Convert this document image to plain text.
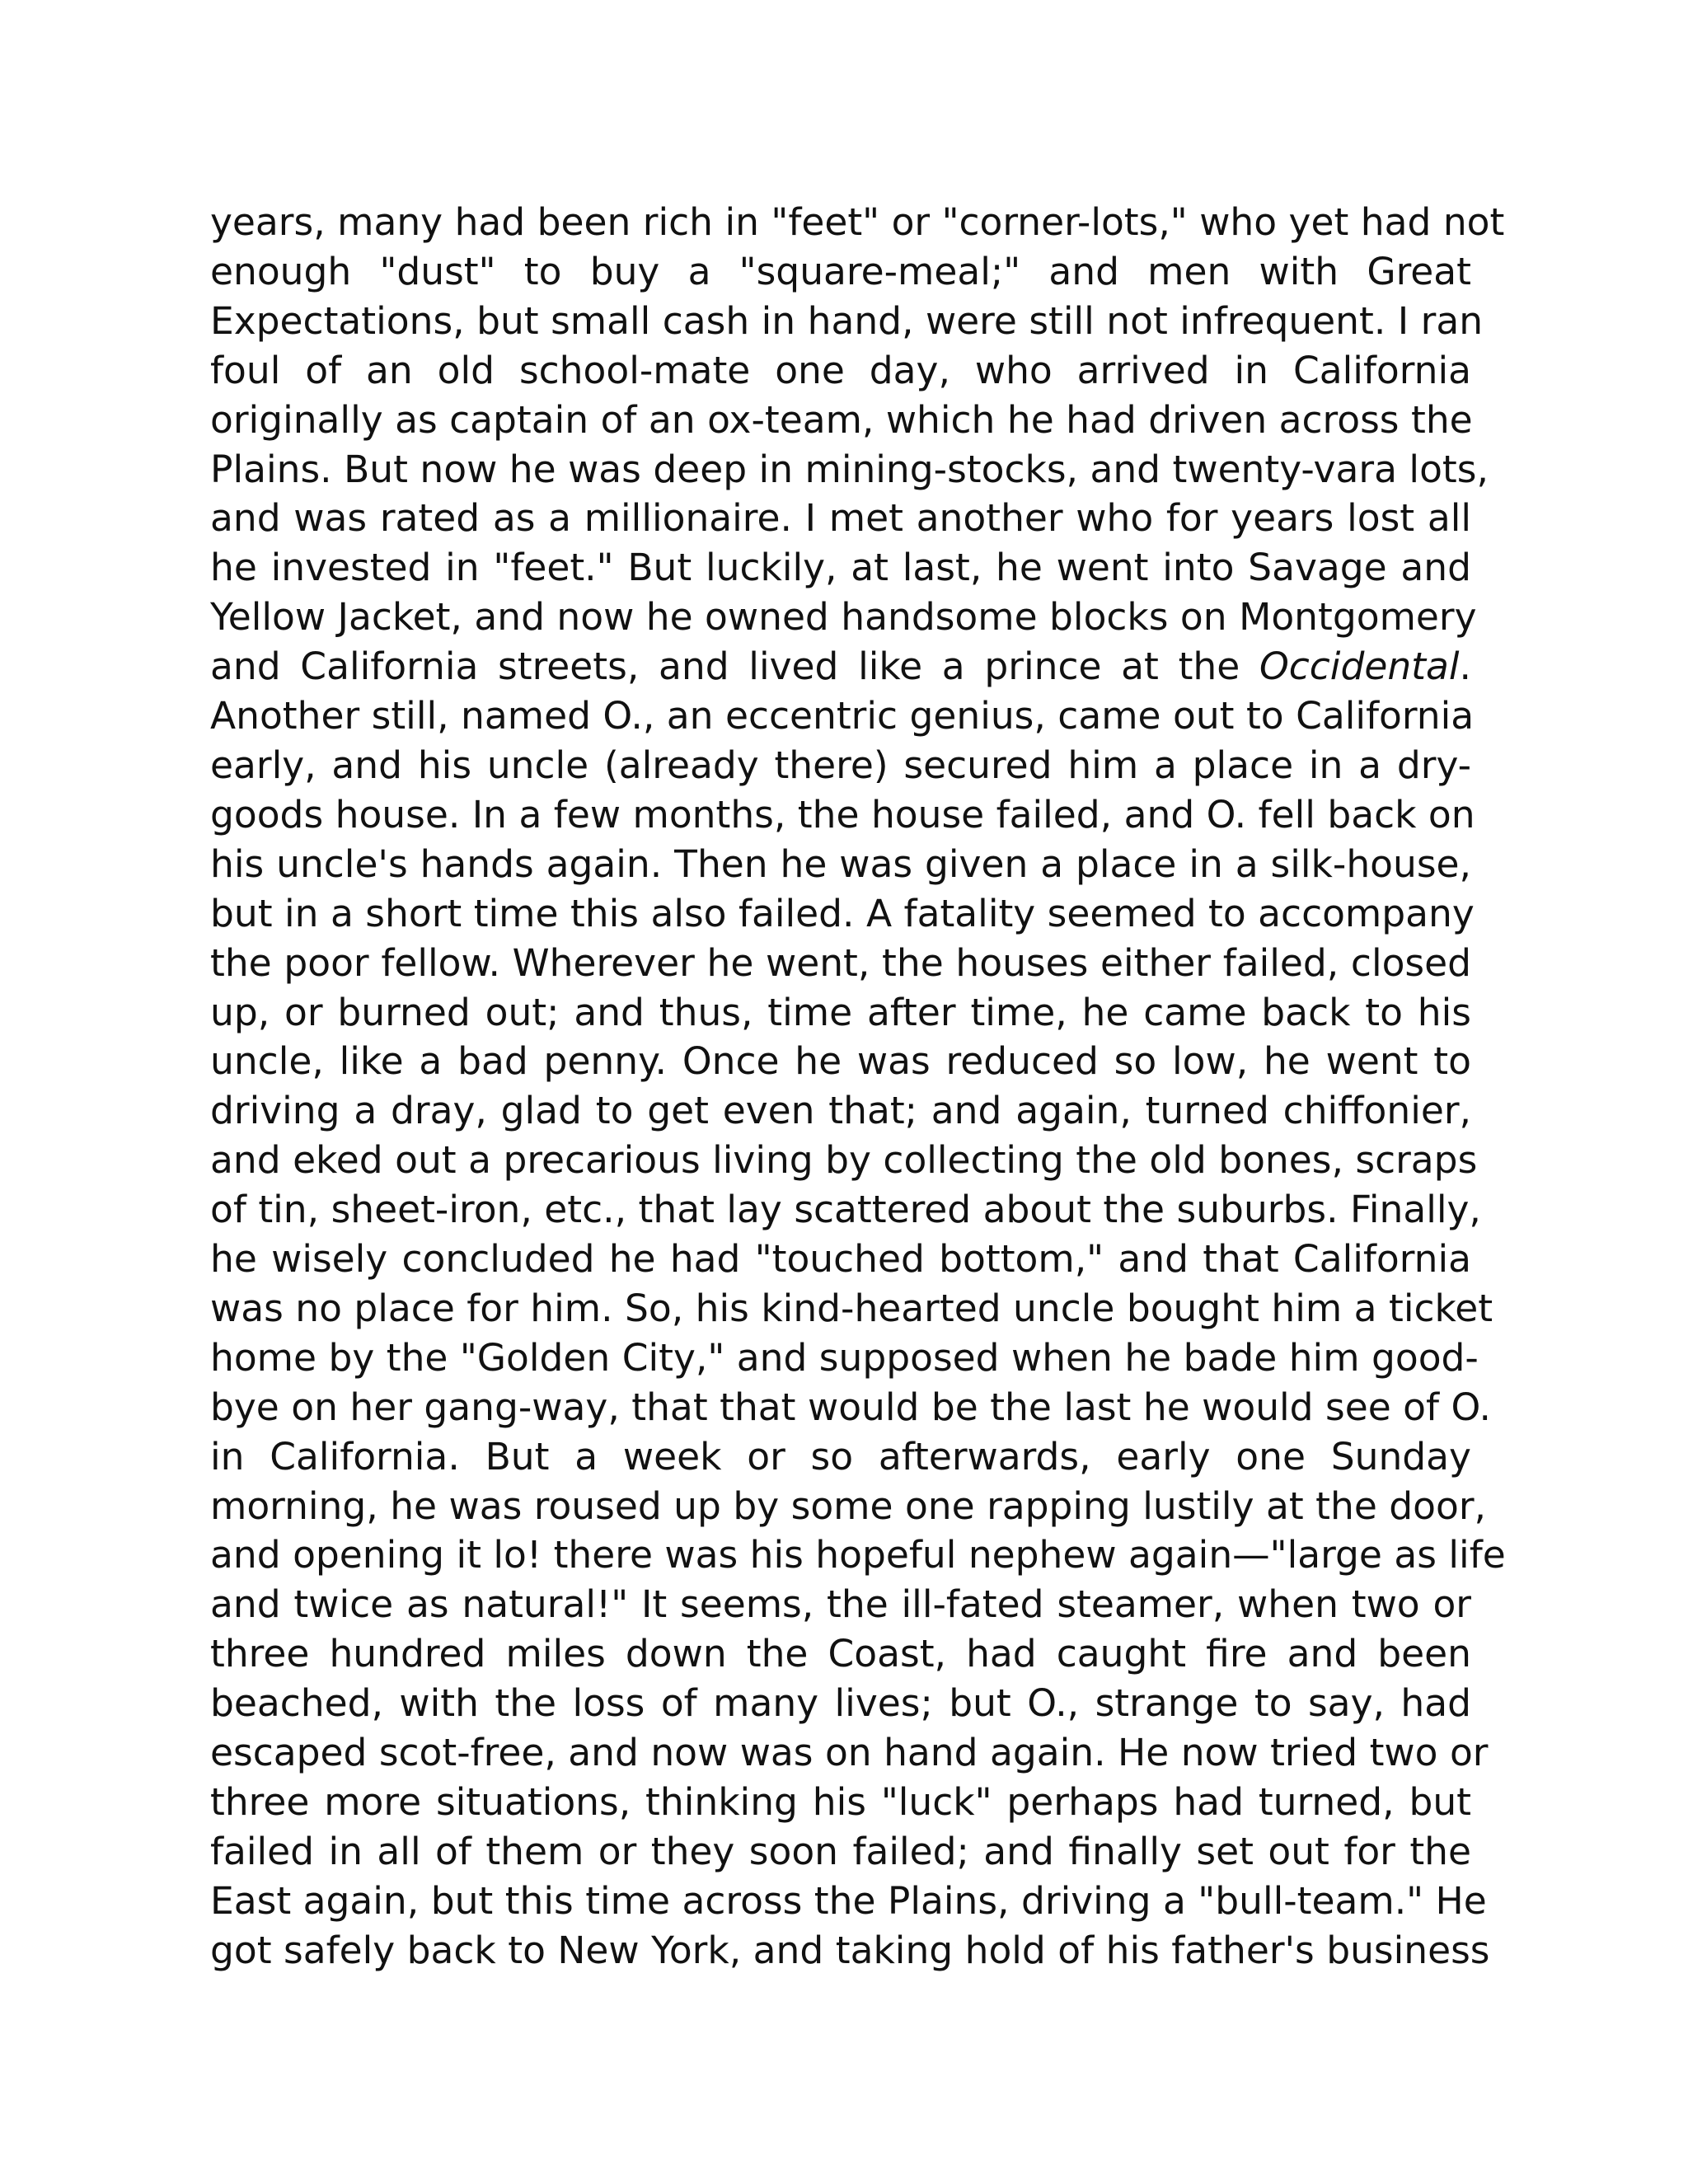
years, many had been rich in "feet" or "corner-lots," who yet had not
enough "dust" to buy a "square-meal;" and men with Great
Expectations, but small cash in hand, were still not infrequent. I ran
foul of an old school-mate one day, who arrived in California
originally as captain of an ox-team, which he had driven across the
Plains. But now he was deep in mining-stocks, and twenty-vara lots,
and was rated as a millionaire. I met another who for years lost all
he invested in "feet." But luckily, at last, he went into Savage and
Yellow Jacket, and now he owned handsome blocks on Montgomery
and California streets, and lived like a prince at the Occidental.
Another still, named O., an eccentric genius, came out to California
early, and his uncle (already there) secured him a place in a dry-
goods house. In a few months, the house failed, and O. fell back on
his uncle's hands again. Then he was given a place in a silk-house,
but in a short time this also failed. A fatality seemed to accompany
the poor fellow. Wherever he went, the houses either failed, closed
up, or burned out; and thus, time after time, he came back to his
uncle, like a bad penny. Once he was reduced so low, he went to
driving a dray, glad to get even that; and again, turned chiffonier,
and eked out a precarious living by collecting the old bones, scraps
of tin, sheet-iron, etc., that lay scattered about the suburbs. Finally,
he wisely concluded he had "touched bottom," and that California
was no place for him. So, his kind-hearted uncle bought him a ticket
home by the "Golden City," and supposed when he bade him good-
bye on her gang-way, that that would be the last he would see of O.
in California. But a week or so afterwards, early one Sunday
morning, he was roused up by some one rapping lustily at the door,
and opening it lo! there was his hopeful nephew again—"large as life
and twice as natural!" It seems, the ill-fated steamer, when two or
three hundred miles down the Coast, had caught fire and been
beached, with the loss of many lives; but O., strange to say, had
escaped scot-free, and now was on hand again. He now tried two or
three more situations, thinking his "luck" perhaps had turned, but
failed in all of them or they soon failed; and finally set out for the
East again, but this time across the Plains, driving a "bull-team." He
got safely back to New York, and taking hold of his father's business
